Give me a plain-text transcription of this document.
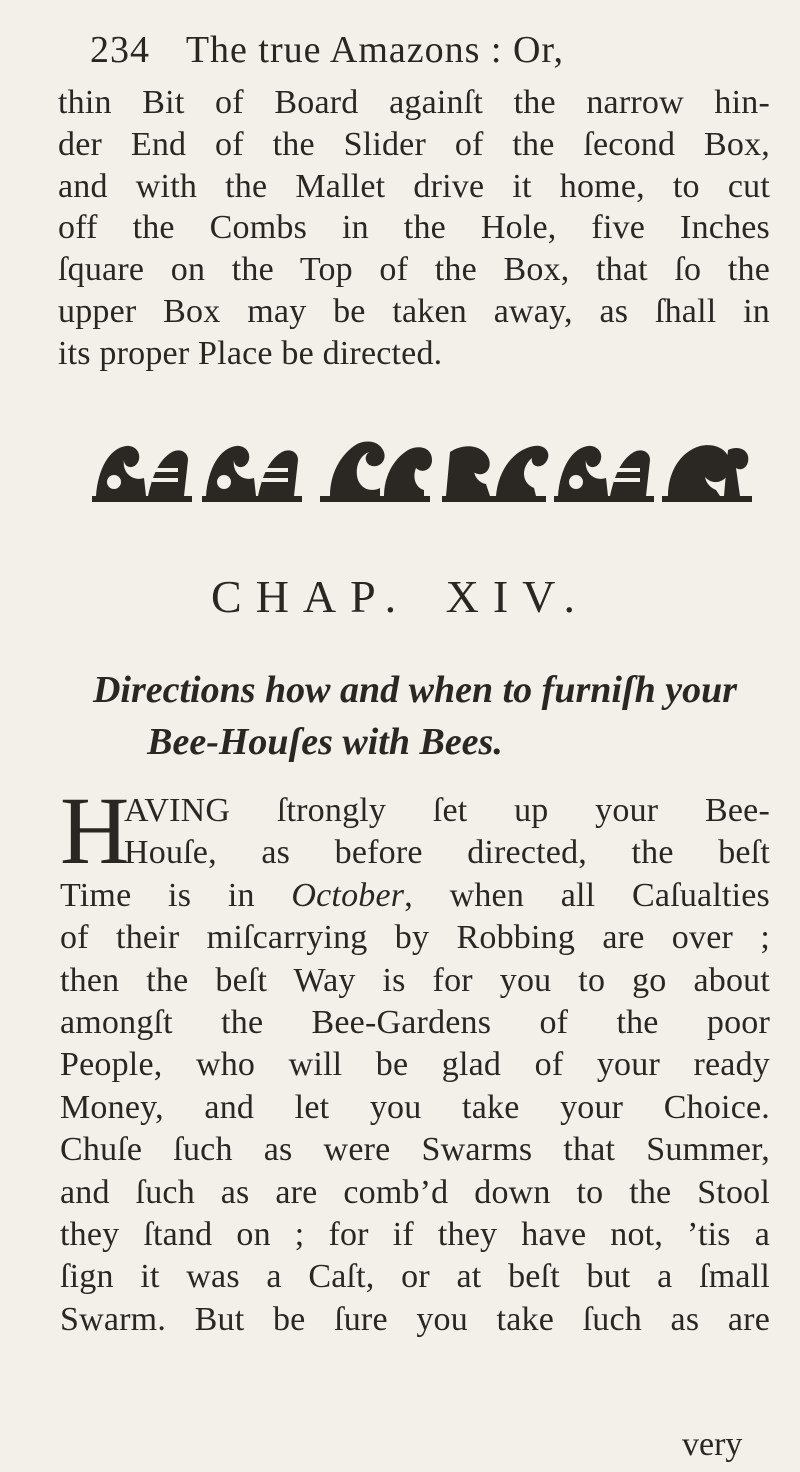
234 The true Amazons : Or,
thin Bit of Board againſt the narrow hin-
der End of the Slider of the ſecond Box,
and with the Mallet drive it home, to cut
off the Combs in the Hole, five Inches
ſquare on the Top of the Box, that ſo the
upper Box may be taken away, as ſhall in
its proper Place be directed.
CHAP. XIV.
Directions how and when to furniſh your
Bee-Houſes with Bees.
H
AVING ſtrongly ſet up your Bee-
Houſe, as before directed, the beſt
Time is in October, when all Caſualties
of their miſcarrying by Robbing are over ;
then the beſt Way is for you to go about
amongſt the Bee-Gardens of the poor
People, who will be glad of your ready
Money, and let you take your Choice.
Chuſe ſuch as were Swarms that Summer,
and ſuch as are comb’d down to the Stool
they ſtand on ; for if they have not, ’tis a
ſign it was a Caſt, or at beſt but a ſmall
Swarm. But be ſure you take ſuch as are
very
